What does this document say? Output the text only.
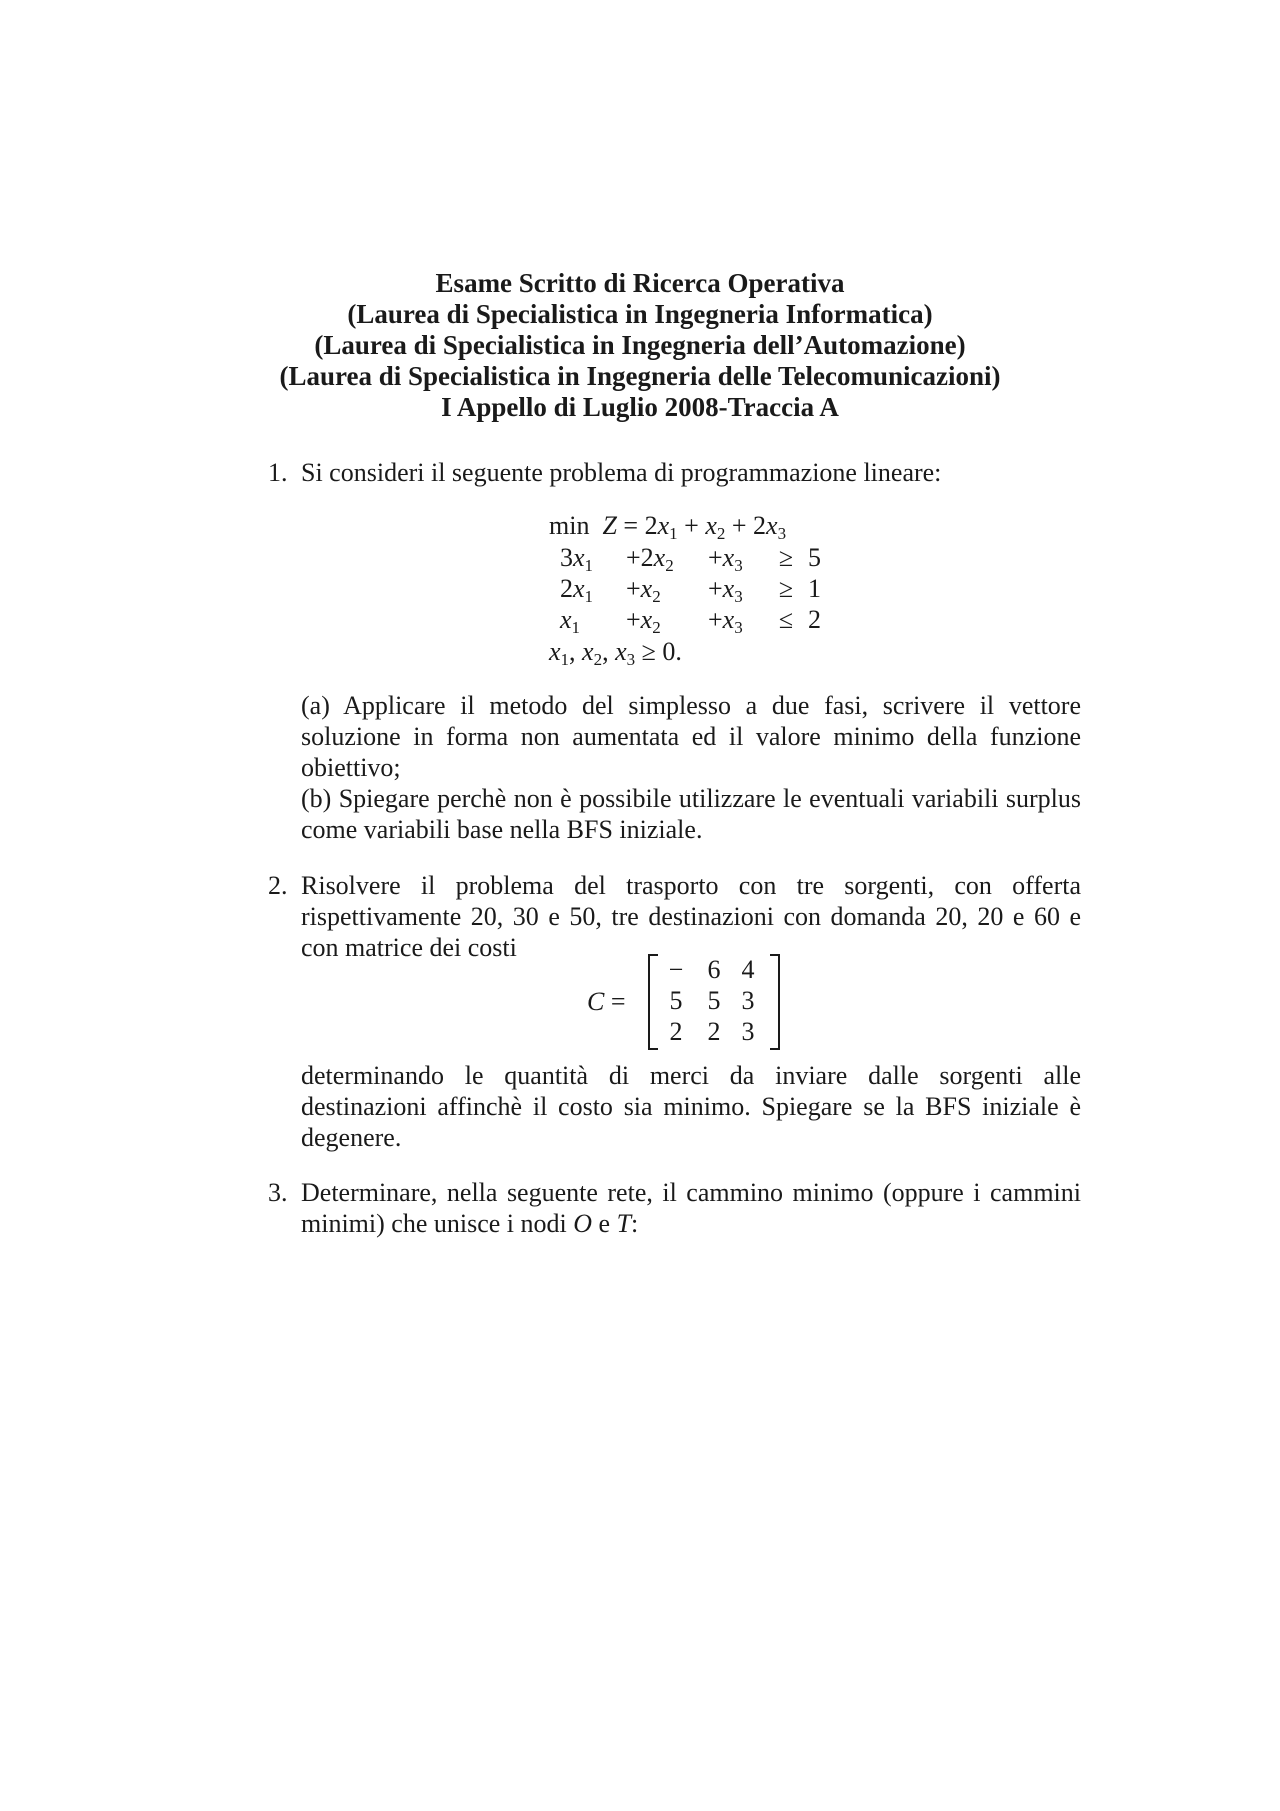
Esame Scritto di Ricerca Operativa
(Laurea di Specialistica in Ingegneria Informatica)
(Laurea di Specialistica in Ingegneria dell’Automazione)
(Laurea di Specialistica in Ingegneria delle Telecomunicazioni)
I Appello di Luglio 2008-Traccia A
1. Si consideri il seguente problema di programmazione lineare:
$\min Z = 2x_1 + x_2 + 2x_3$
$3x_1$	$+2x_2$	$+x_3$	≥	5
$2x_1$	$+x_2$	$+x_3$	≥	1
$x_1$	$+x_2$	$+x_3$	≤	2
$x_1$, $x_2$, $x_3 \ge 0$.
(a) Applicare il metodo del simplesso a due fasi, scrivere il vettore soluzione in forma non aumentata ed il valore minimo della funzione obiettivo;
(b) Spiegare perchè non è possibile utilizzare le eventuali variabili surplus come variabili base nella BFS iniziale.
2. Risolvere il problema del trasporto con tre sorgenti, con offerta rispettivamente 20, 30 e 50, tre destinazioni con domanda 20, 20 e 60 e con matrice dei costi
C =
− 6 4
5 5 3
2 2 3
determinando le quantità di merci da inviare dalle sorgenti alle destinazioni affinchè il costo sia minimo. Spiegare se la BFS iniziale è degenere.
3. Determinare, nella seguente rete, il cammino minimo (oppure i cammini minimi) che unisce i nodi O e T:
